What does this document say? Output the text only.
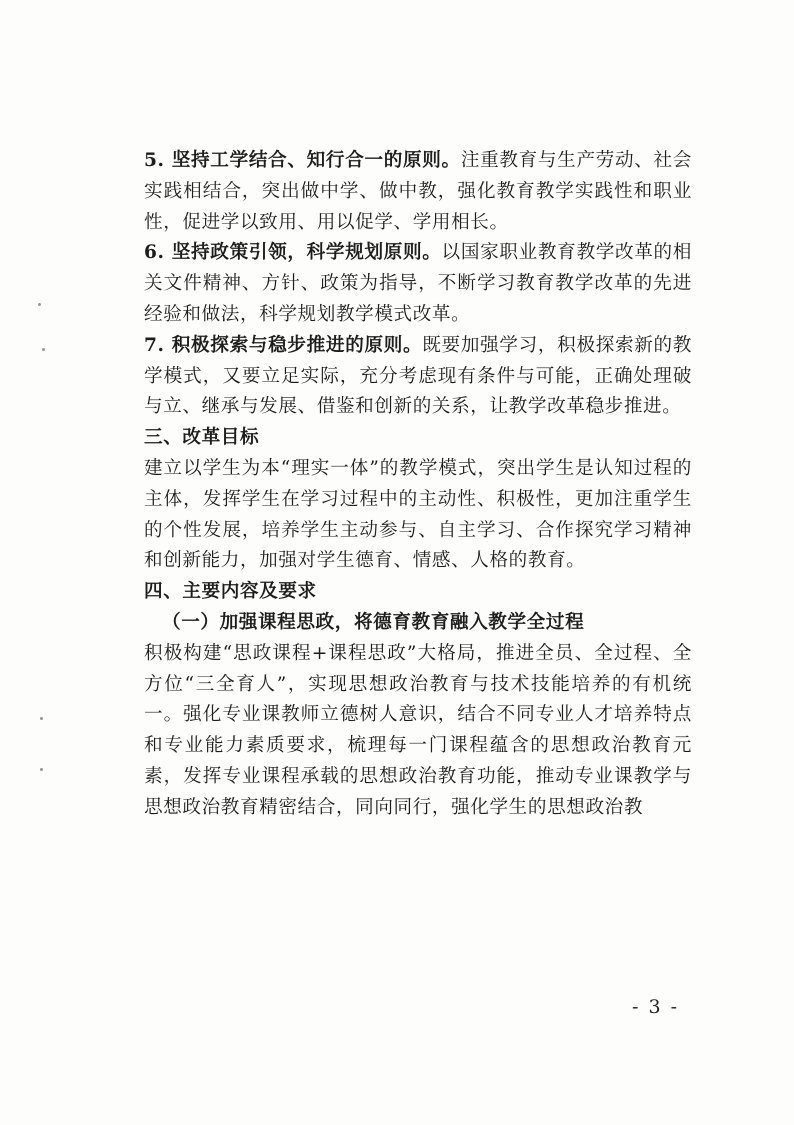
5. 坚持工学结合、知行合一的原则。注重教育与生产劳动、社会实践相结合，突出做中学、做中教，强化教育教学实践性和职业性，促进学以致用、用以促学、学用相长。

6. 坚持政策引领，科学规划原则。以国家职业教育教学改革的相关文件精神、方针、政策为指导，不断学习教育教学改革的先进经验和做法，科学规划教学模式改革。

7. 积极探索与稳步推进的原则。既要加强学习，积极探索新的教学模式，又要立足实际，充分考虑现有条件与可能，正确处理破与立、继承与发展、借鉴和创新的关系，让教学改革稳步推进。

三、改革目标

建立以学生为本“理实一体”的教学模式，突出学生是认知过程的主体，发挥学生在学习过程中的主动性、积极性，更加注重学生的个性发展，培养学生主动参与、自主学习、合作探究学习精神和创新能力，加强对学生德育、情感、人格的教育。

四、主要内容及要求
（一）加强课程思政，将德育教育融入教学全过程

积极构建“思政课程+课程思政”大格局，推进全员、全过程、全方位“三全育人”，实现思想政治教育与技术技能培养的有机统一。强化专业课教师立德树人意识，结合不同专业人才培养特点和专业能力素质要求，梳理每一门课程蕴含的思想政治教育元素，发挥专业课程承载的思想政治教育功能，推动专业课教学与思想政治教育精密结合，同向同行，强化学生的思想政治教

- 3 -
